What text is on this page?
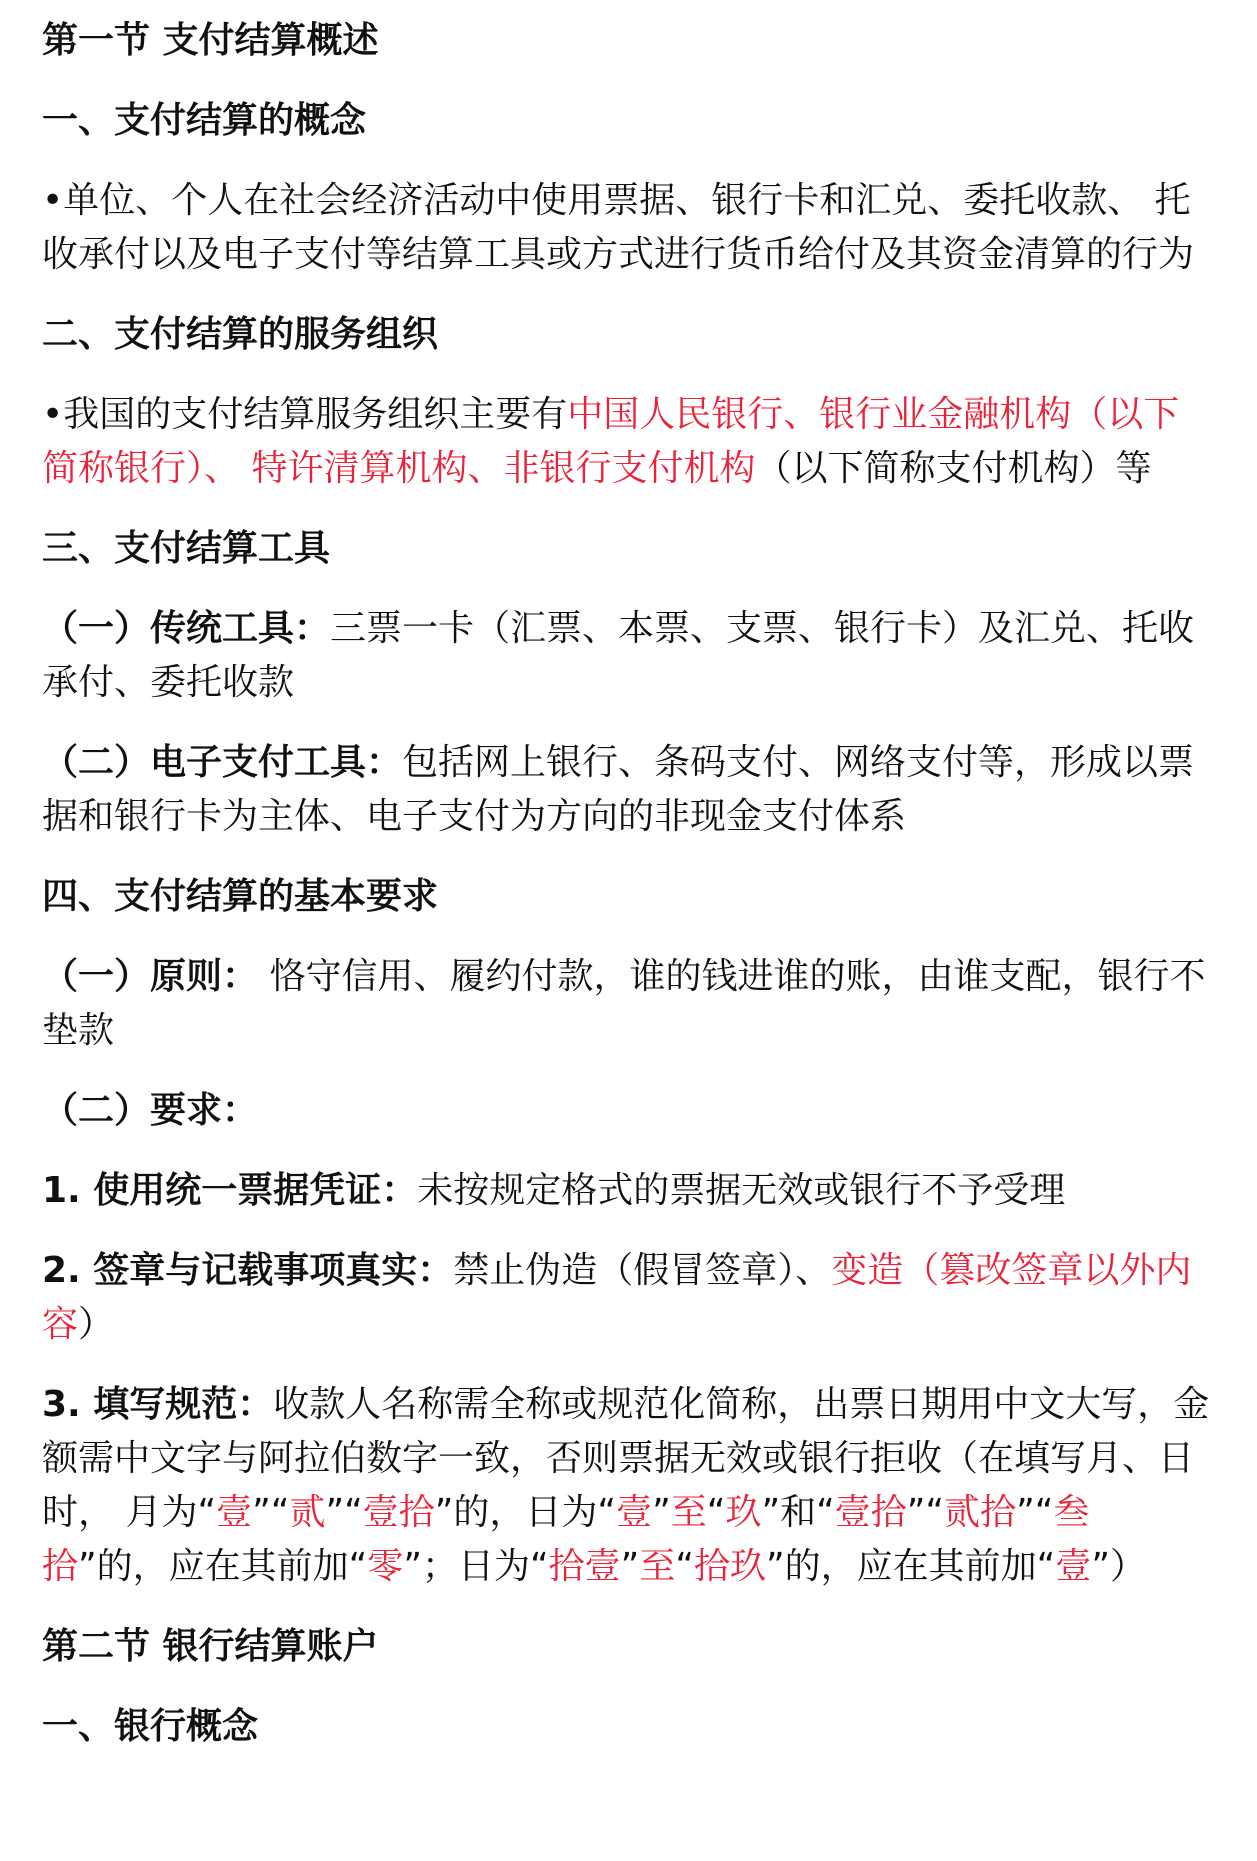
第一节 支付结算概述
一、支付结算的概念
•单位、个人在社会经济活动中使用票据、银行卡和汇兑、委托收款、 托收承付以及电子支付等结算工具或方式进行货币给付及其资金清算的行为
二、支付结算的服务组织
•我国的支付结算服务组织主要有中国人民银行、银行业金融机构（以下简称银行）、 特许清算机构、非银行支付机构（以下简称支付机构）等
三、支付结算工具
（一）传统工具：三票一卡（汇票、本票、支票、银行卡）及汇兑、托收承付、委托收款
（二）电子支付工具：包括网上银行、条码支付、网络支付等，形成以票据和银行卡为主体、电子支付为方向的非现金支付体系
四、支付结算的基本要求
（一）原则： 恪守信用、履约付款，谁的钱进谁的账，由谁支配，银行不垫款
（二）要求：
1. 使用统一票据凭证：未按规定格式的票据无效或银行不予受理
2. 签章与记载事项真实：禁止伪造（假冒签章）、变造（篡改签章以外内容）
3. 填写规范：收款人名称需全称或规范化简称，出票日期用中文大写，金额需中文字与阿拉伯数字一致，否则票据无效或银行拒收（在填写月、日时， 月为“壹”“贰”“壹拾”的，日为“壹”至“玖”和“壹拾”“贰拾”“叁拾”的，应在其前加“零”；日为“拾壹”至“拾玖”的，应在其前加“壹”）
第二节 银行结算账户
一、银行概念
